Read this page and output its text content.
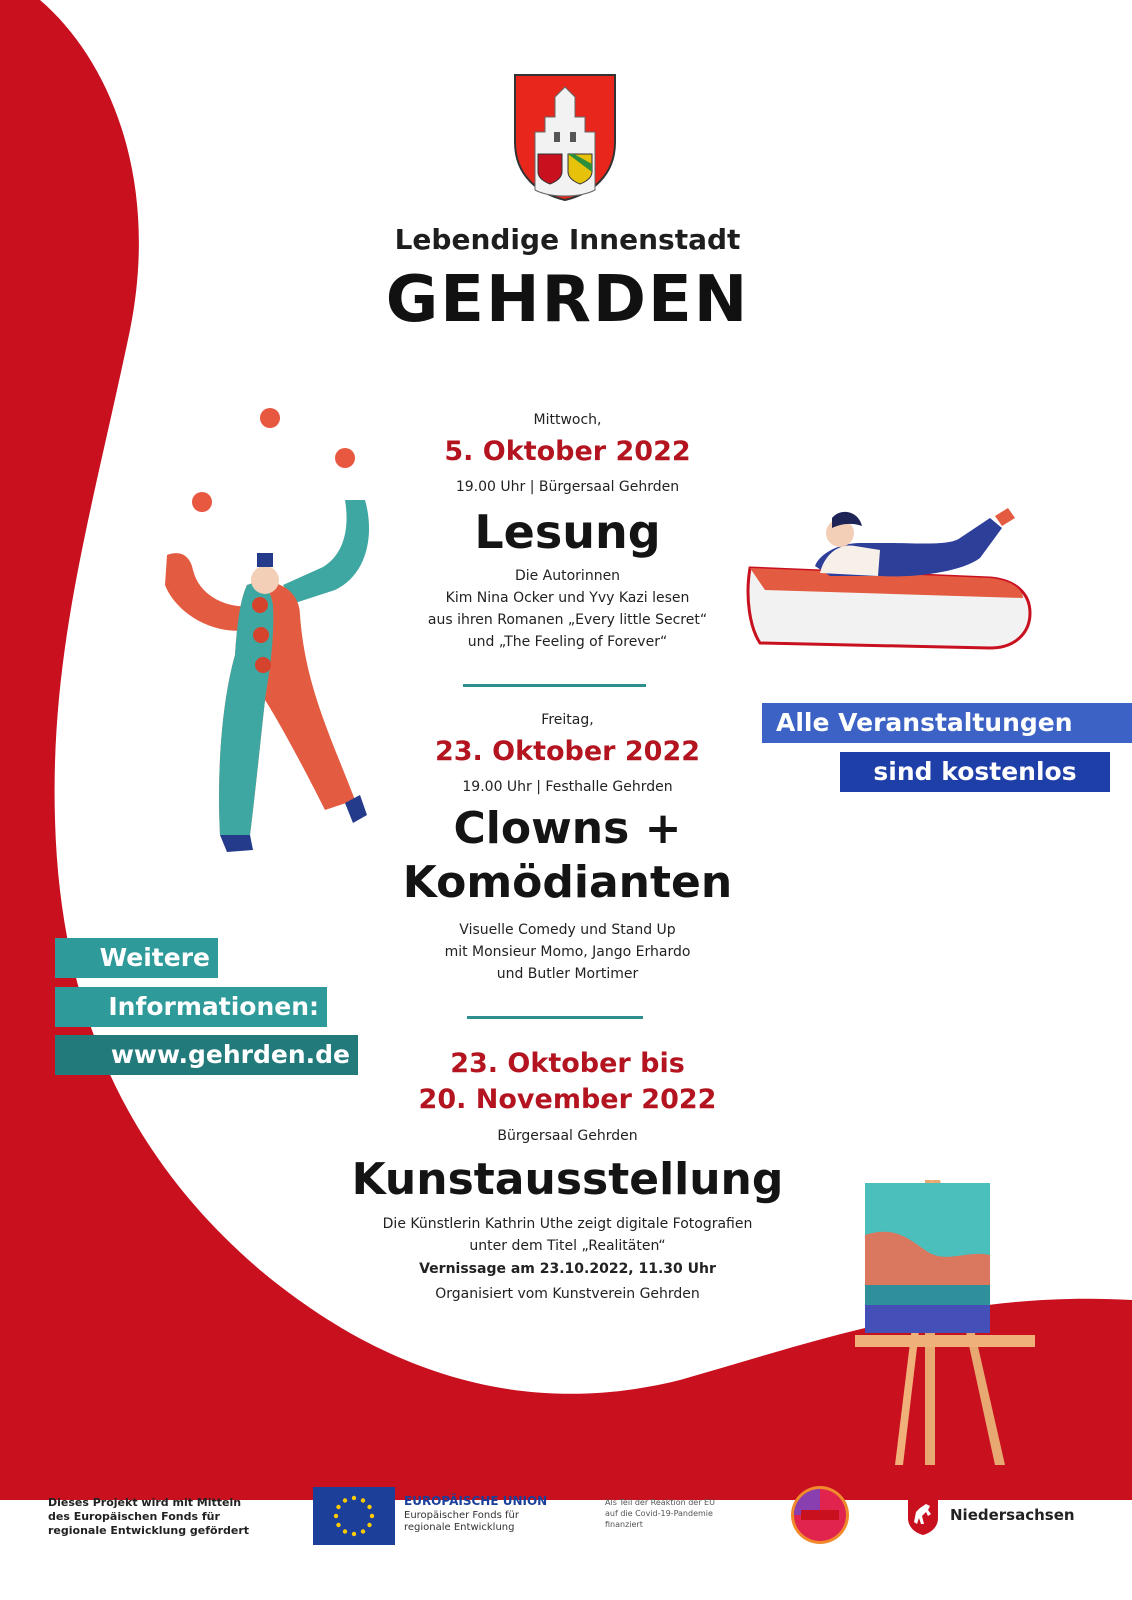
Lebendige Innenstadt
GEHRDEN
Mittwoch,
5. Oktober 2022
19.00 Uhr | Bürgersaal Gehrden
Lesung
Die Autorinnen
Kim Nina Ocker und Yvy Kazi lesen
aus ihren Romanen „Every little Secret“
und „The Feeling of Forever“
Freitag,
23. Oktober 2022
19.00 Uhr | Festhalle Gehrden
Clowns +
Komödianten
Visuelle Comedy und Stand Up
mit Monsieur Momo, Jango Erhardo
und Butler Mortimer
23. Oktober bis
20. November 2022
Bürgersaal Gehrden
Kunstausstellung
Die Künstlerin Kathrin Uthe zeigt digitale Fotografien
unter dem Titel „Realitäten“
Vernissage am 23.10.2022, 11.30 Uhr
Organisiert vom Kunstverein Gehrden
Alle Veranstaltungen
sind kostenlos
Weitere
Informationen:
www.gehrden.de
Dieses Projekt wird mit Mitteln
des Europäischen Fonds für
regionale Entwicklung gefördert
EUROPÄISCHE UNION
Europäischer Fonds für
regionale Entwicklung
Als Teil der Reaktion der EU
auf die Covid-19-Pandemie
finanziert
Niedersachsen
